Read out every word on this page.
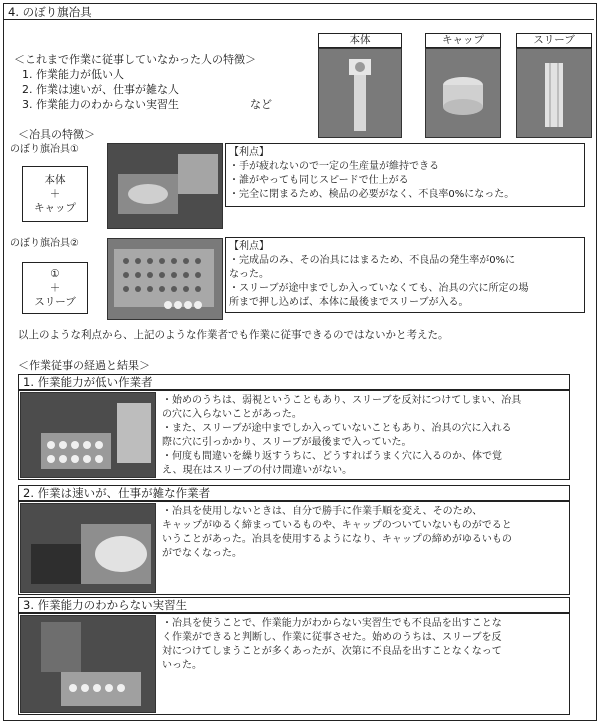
4. のぼり旗冶具
＜これまで作業に従事していなかった人の特徴＞
1. 作業能力が低い人
2. 作業は速いが、仕事が雑な人
3. 作業能力のわからない実習生	など
本体	キャップ	スリーブ
＜冶具の特徴＞
のぼり旗冶具①
本体
＋
キャップ
【利点】
・手が疲れないので一定の生産量が維持できる
・誰がやっても同じスピードで仕上がる
・完全に閉まるため、検品の必要がなく、不良率0%になった。
のぼり旗冶具②
①
＋
スリーブ
【利点】
・完成品のみ、その冶具にはまるため、不良品の発生率が0%に
なった。
・スリーブが途中までしか入っていなくても、冶具の穴に所定の場
所まで押し込めば、本体に最後までスリーブが入る。
以上のような利点から、上記のような作業者でも作業に従事できるのではないかと考えた。
＜作業従事の経過と結果＞
1. 作業能力が低い作業者
・始めのうちは、弱視ということもあり、スリーブを反対につけてしまい、冶具
の穴に入らないことがあった。
・また、スリーブが途中までしか入っていないこともあり、冶具の穴に入れる
際に穴に引っかかり、スリーブが最後まで入っていた。
・何度も間違いを繰り返すうちに、どうすればうまく穴に入るのか、体で覚
え、現在はスリーブの付け間違いがない。
2. 作業は速いが、仕事が雑な作業者
・冶具を使用しないときは、自分で勝手に作業手順を変え、そのため、
キャップがゆるく締まっているものや、キャップのついていないものがでると
いうことがあった。冶具を使用するようになり、キャップの締めがゆるいもの
がでなくなった。
3. 作業能力のわからない実習生
・冶具を使うことで、作業能力がわからない実習生でも不良品を出すことな
く作業ができると判断し、作業に従事させた。始めのうちは、スリーブを反
対につけてしまうことが多くあったが、次第に不良品を出すことなくなって
いった。
